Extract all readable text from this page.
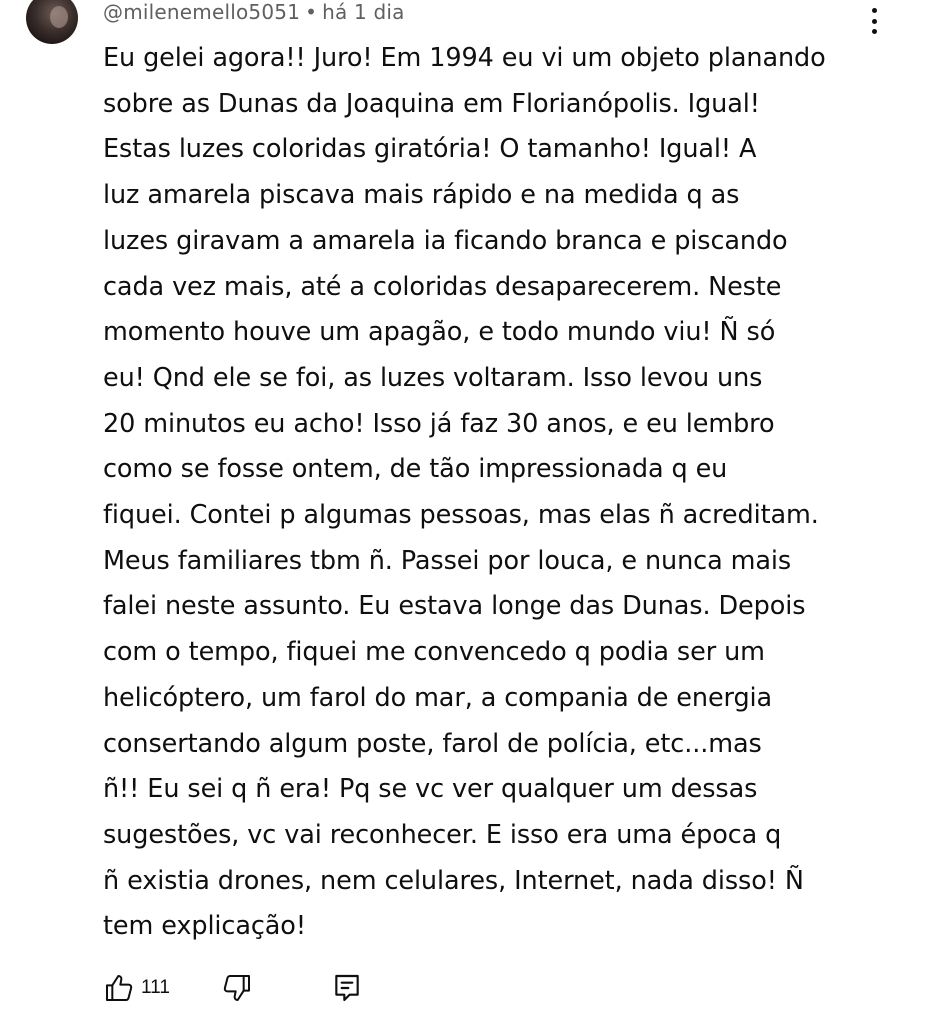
@milenemello5051 • há 1 dia

Eu gelei agora!! Juro! Em 1994 eu vi um objeto planando
sobre as Dunas da Joaquina em Florianópolis. Igual!
Estas luzes coloridas giratória! O tamanho! Igual! A
luz amarela piscava mais rápido e na medida q as
luzes giravam a amarela ia ficando branca e piscando
cada vez mais, até a coloridas desaparecerem. Neste
momento houve um apagão, e todo mundo viu! Ñ só
eu! Qnd ele se foi, as luzes voltaram. Isso levou uns
20 minutos eu acho! Isso já faz 30 anos, e eu lembro
como se fosse ontem, de tão impressionada q eu
fiquei. Contei p algumas pessoas, mas elas ñ acreditam.
Meus familiares tbm ñ. Passei por louca, e nunca mais
falei neste assunto. Eu estava longe das Dunas. Depois
com o tempo, fiquei me convencedo q podia ser um
helicóptero, um farol do mar, a compania de energia
consertando algum poste, farol de polícia, etc...mas
ñ!! Eu sei q ñ era! Pq se vc ver qualquer um dessas
sugestões, vc vai reconhecer. E isso era uma época q
ñ existia drones, nem celulares, Internet, nada disso! Ñ
tem explicação!

111
